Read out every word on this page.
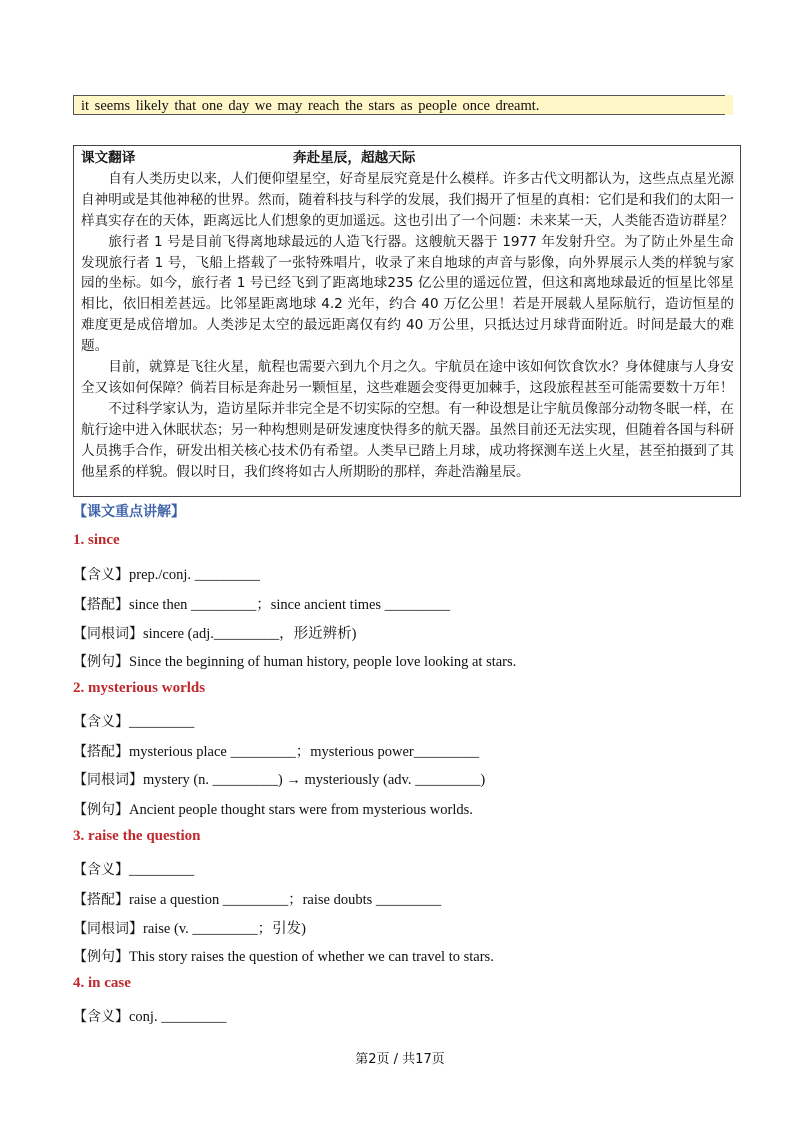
it seems likely that one day we may reach the stars as people once dreamt.
课文翻译	奔赴星辰，超越天际

自有人类历史以来，人们便仰望星空，好奇星辰究竟是什么模样。许多古代文明都认为，这些点点星光源自神明或是其他神秘的世界。然而，随着科技与科学的发展，我们揭开了恒星的真相：它们是和我们的太阳一样真实存在的天体，距离远比人们想象的更加遥远。这也引出了一个问题：未来某一天，人类能否造访群星？

旅行者 1 号是目前飞得离地球最远的人造飞行器。这艘航天器于 1977 年发射升空。为了防止外星生命发现旅行者 1 号，飞船上搭载了一张特殊唱片，收录了来自地球的声音与影像，向外界展示人类的样貌与家园的坐标。如今，旅行者 1 号已经飞到了距离地球235 亿公里的遥远位置，但这和离地球最近的恒星比邻星相比，依旧相差甚远。比邻星距离地球 4.2 光年，约合 40 万亿公里！若是开展载人星际航行，造访恒星的难度更是成倍增加。人类涉足太空的最远距离仅有约 40 万公里，只抵达过月球背面附近。时间是最大的难题。

目前，就算是飞往火星，航程也需要六到九个月之久。宇航员在途中该如何饮食饮水？身体健康与人身安全又该如何保障？倘若目标是奔赴另一颗恒星，这些难题会变得更加棘手，这段旅程甚至可能需要数十万年！

不过科学家认为，造访星际并非完全是不切实际的空想。有一种设想是让宇航员像部分动物冬眠一样，在航行途中进入休眠状态；另一种构想则是研发速度快得多的航天器。虽然目前还无法实现，但随着各国与科研人员携手合作，研发出相关核心技术仍有希望。人类早已踏上月球，成功将探测车送上火星，甚至拍摄到了其他星系的样貌。假以时日，我们终将如古人所期盼的那样，奔赴浩瀚星辰。

【课文重点讲解】
1. since
【含义】prep./conj. _________
【搭配】since then _________；since ancient times _________
【同根词】sincere (adj._________，形近辨析)
【例句】Since the beginning of human history, people love looking at stars.
2. mysterious worlds
【含义】_________
【搭配】mysterious place _________；mysterious power_________
【同根词】mystery (n. _________) → mysteriously (adv. _________)
【例句】Ancient people thought stars were from mysterious worlds.
3. raise the question
【含义】_________
【搭配】raise a question _________；raise doubts _________
【同根词】raise (v. _________；引发)
【例句】This story raises the question of whether we can travel to stars.
4. in case
【含义】conj. _________
第2页 / 共17页
